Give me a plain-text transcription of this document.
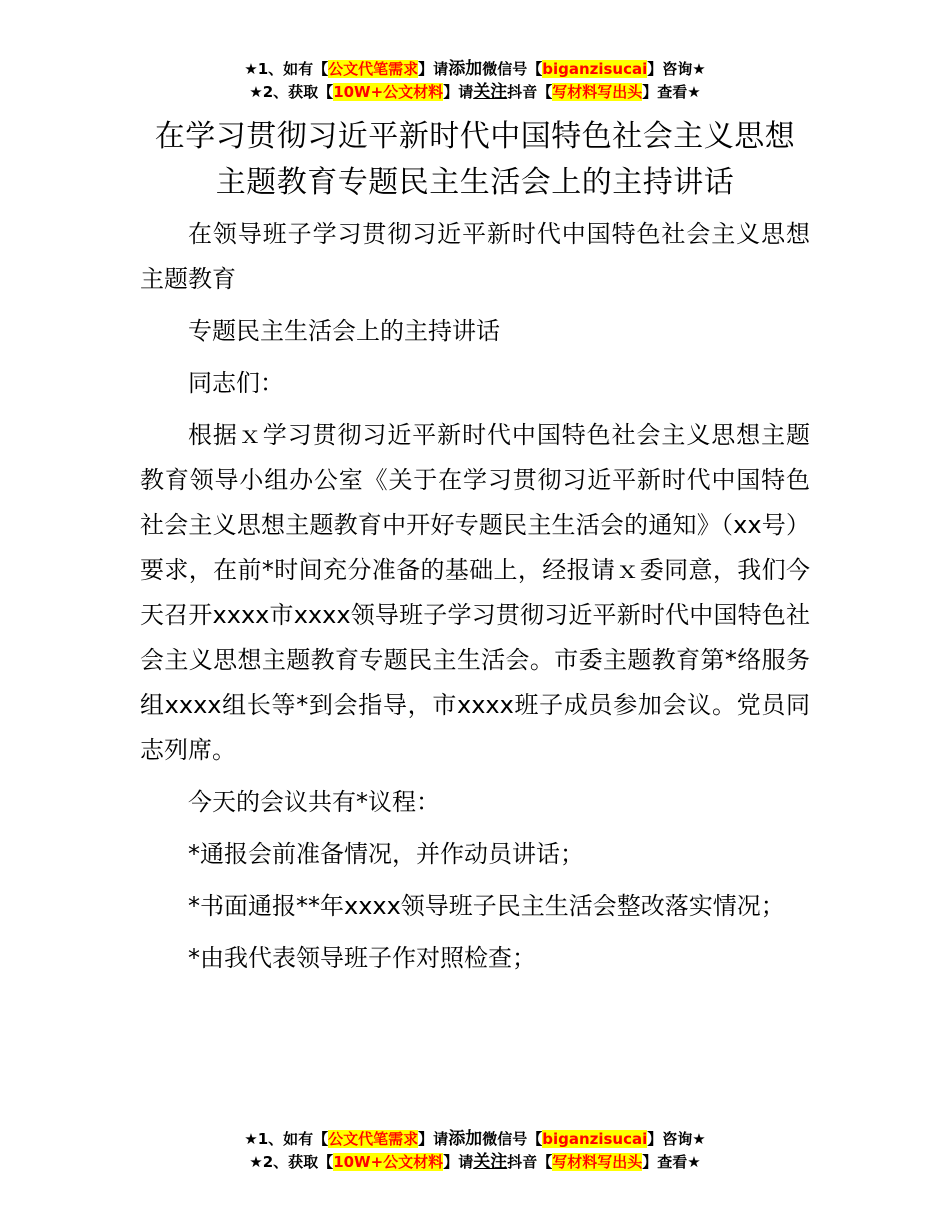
★1、如有【公文代笔需求】请添加微信号【biganzisucai】咨询★
★2、获取【10W+公文材料】请关注抖音【写材料写出头】查看★
在学习贯彻习近平新时代中国特色社会主义思想主题教育专题民主生活会上的主持讲话

在领导班子学习贯彻习近平新时代中国特色社会主义思想主题教育

专题民主生活会上的主持讲话

同志们：

根据ｘ学习贯彻习近平新时代中国特色社会主义思想主题教育领导小组办公室《关于在学习贯彻习近平新时代中国特色社会主义思想主题教育中开好专题民主生活会的通知》（xx号）要求，在前*时间充分准备的基础上，经报请ｘ委同意，我们今天召开xxxx市xxxx领导班子学习贯彻习近平新时代中国特色社会主义思想主题教育专题民主生活会。市委主题教育第*络服务组xxxx组长等*到会指导，市xxxx班子成员参加会议。党员同志列席。

今天的会议共有*议程：

*通报会前准备情况，并作动员讲话；

*书面通报**年xxxx领导班子民主生活会整改落实情况；

*由我代表领导班子作对照检查；

★1、如有【公文代笔需求】请添加微信号【biganzisucai】咨询★
★2、获取【10W+公文材料】请关注抖音【写材料写出头】查看★
